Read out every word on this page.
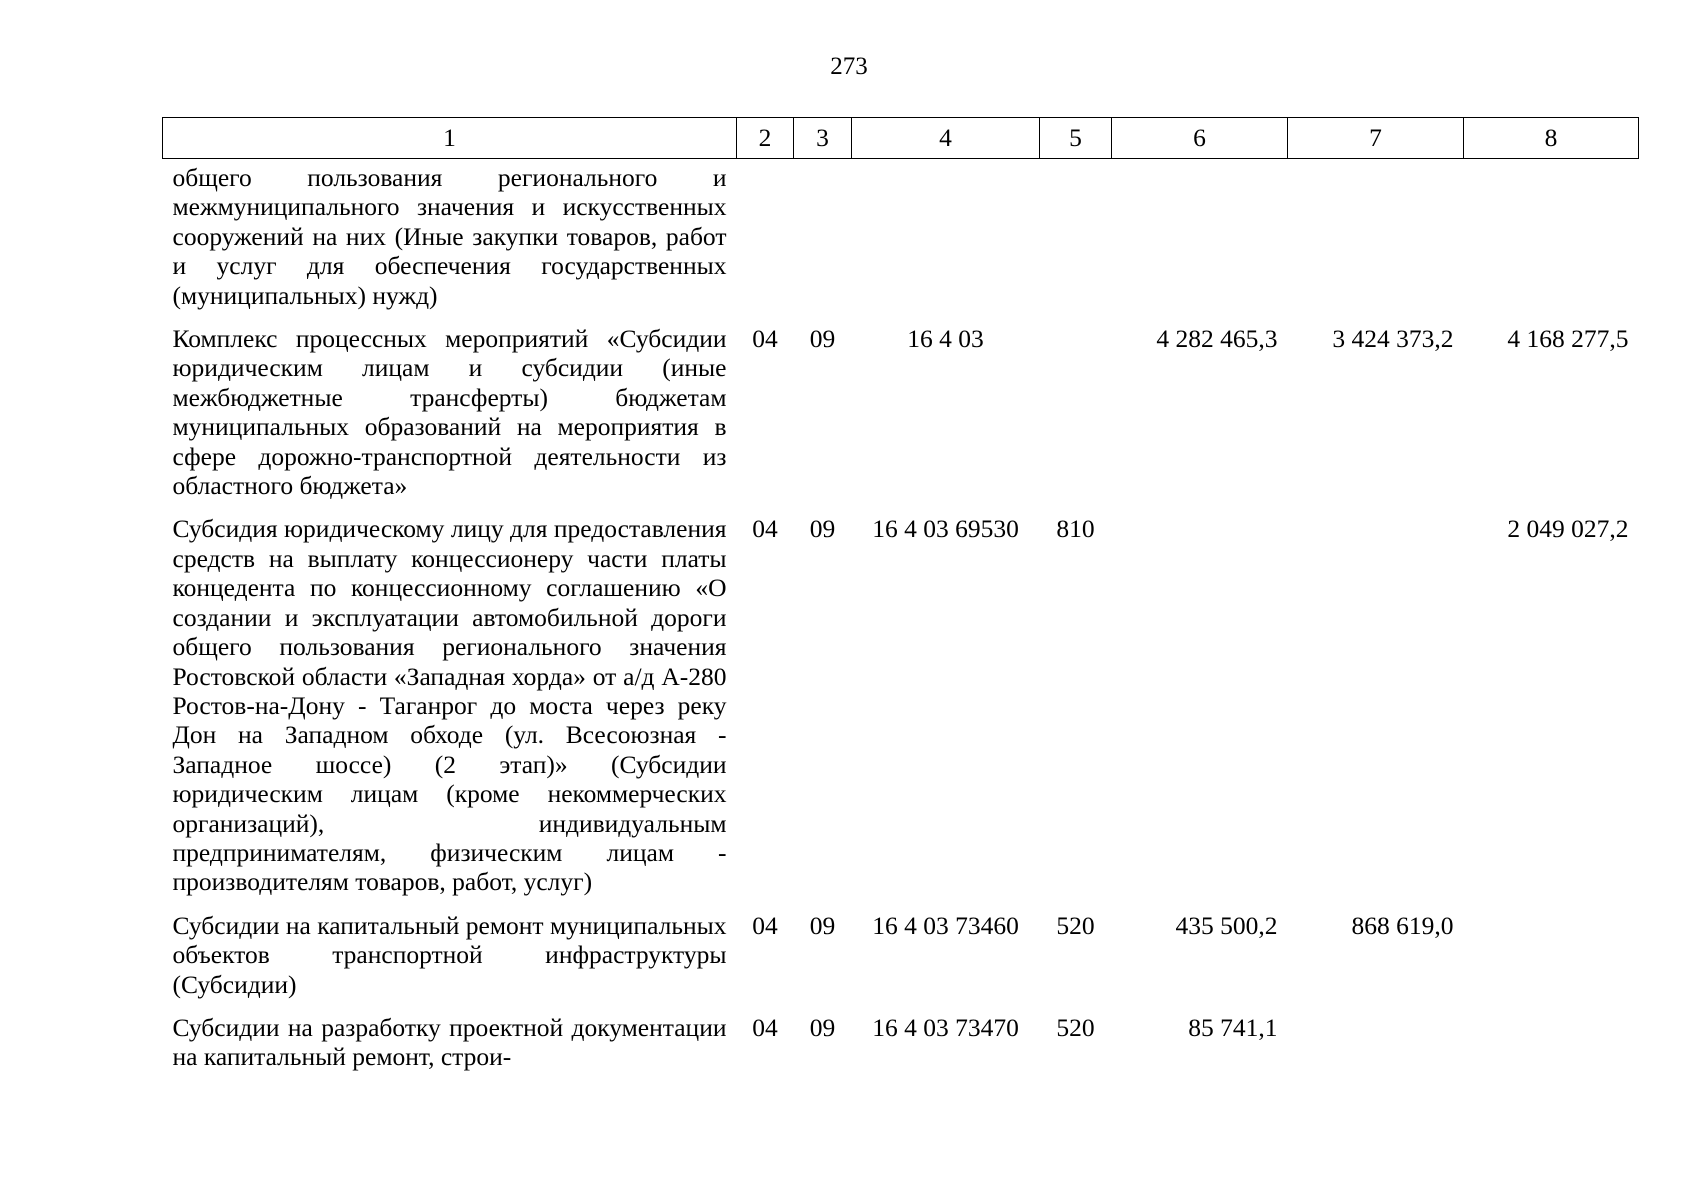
273
1	2	3	4	5	6	7	8
общего пользования регионального и межмуниципального значения и искусственных сооружений на них (Иные закупки товаров, работ и услуг для обеспечения государственных (муниципальных) нужд)							
Комплекс процессных мероприятий «Субсидии юридическим лицам и субсидии (иные межбюджетные трансферты) бюджетам муниципальных образований на мероприятия в сфере дорожно-транспортной деятельности из областного бюджета»	04	09	16 4 03		4 282 465,3	3 424 373,2	4 168 277,5
Субсидия юридическому лицу для предоставления средств на выплату концессионеру части платы концедента по концессионному соглашению «О создании и эксплуатации автомобильной дороги общего пользования регионального значения Ростовской области «Западная хорда» от а/д А-280 Ростов-на-Дону - Таганрог до моста через реку Дон на Западном обходе (ул. Всесоюзная - Западное шоссе) (2 этап)» (Субсидии юридическим лицам (кроме некоммерческих организаций), индивидуальным предпринимателям, физическим лицам - производителям товаров, работ, услуг)	04	09	16 4 03 69530	810			2 049 027,2
Субсидии на капитальный ремонт муниципальных объектов транспортной инфраструктуры (Субсидии)	04	09	16 4 03 73460	520	435 500,2	868 619,0	
Субсидии на разработку проектной документации на капитальный ремонт, строи-	04	09	16 4 03 73470	520	85 741,1		
